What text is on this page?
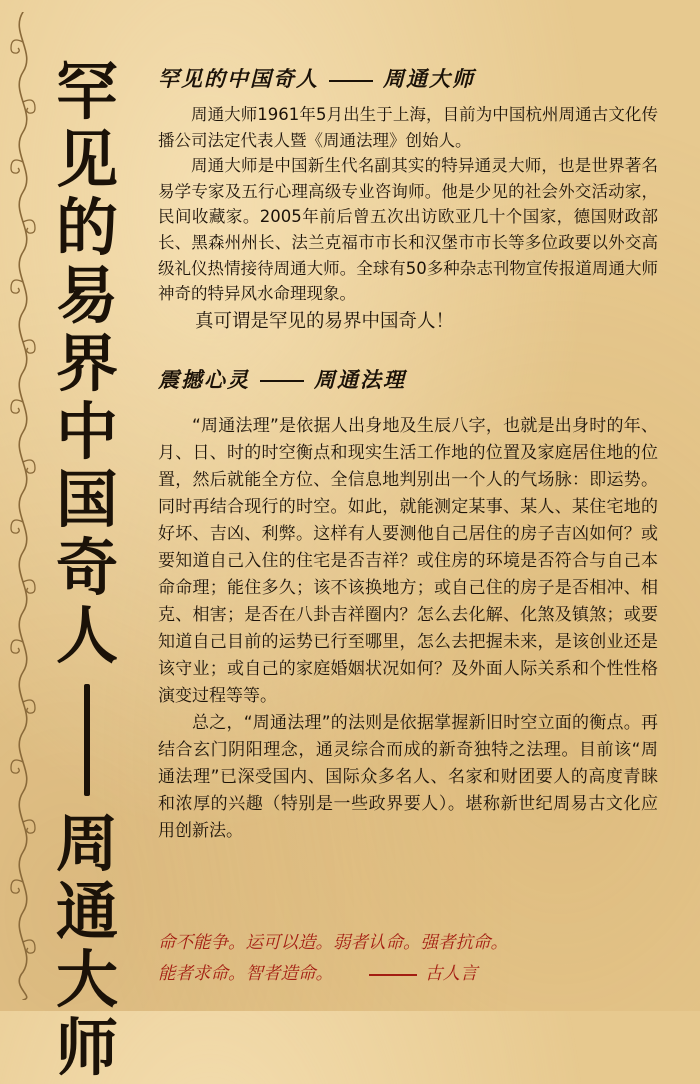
罕见的易界中国奇人
周通大师
罕见的中国奇人	周通大师

周通大师1961年5月出生于上海，目前为中国杭州周通古文化传播公司法定代表人暨《周通法理》创始人。

周通大师是中国新生代名副其实的特异通灵大师，也是世界著名易学专家及五行心理高级专业咨询师。他是少见的社会外交活动家，民间收藏家。2005年前后曾五次出访欧亚几十个国家，德国财政部长、黑森州州长、法兰克福市市长和汉堡市市长等多位政要以外交高级礼仪热情接待周通大师。全球有50多种杂志刊物宣传报道周通大师神奇的特异风水命理现象。

真可谓是罕见的易界中国奇人！

震撼心灵	周通法理

“周通法理”是依据人出身地及生辰八字，也就是出身时的年、月、日、时的时空衡点和现实生活工作地的位置及家庭居住地的位置，然后就能全方位、全信息地判别出一个人的气场脉：即运势。同时再结合现行的时空。如此，就能测定某事、某人、某住宅地的好坏、吉凶、利弊。这样有人要测他自己居住的房子吉凶如何？或要知道自己入住的住宅是否吉祥？或住房的环境是否符合与自己本命命理；能住多久；该不该换地方；或自己住的房子是否相冲、相克、相害；是否在八卦吉祥圈内？怎么去化解、化煞及镇煞；或要知道自己目前的运势已行至哪里，怎么去把握未来，是该创业还是该守业；或自己的家庭婚姻状况如何？及外面人际关系和个性性格演变过程等等。

总之，“周通法理”的法则是依据掌握新旧时空立面的衡点。再结合玄门阴阳理念，通灵综合而成的新奇独特之法理。目前该“周通法理”已深受国内、国际众多名人、名家和财团要人的高度青睐和浓厚的兴趣（特别是一些政界要人）。堪称新世纪周易古文化应用创新法。

命不能争。运可以造。弱者认命。强者抗命。
能者求命。智者造命。	古人言
